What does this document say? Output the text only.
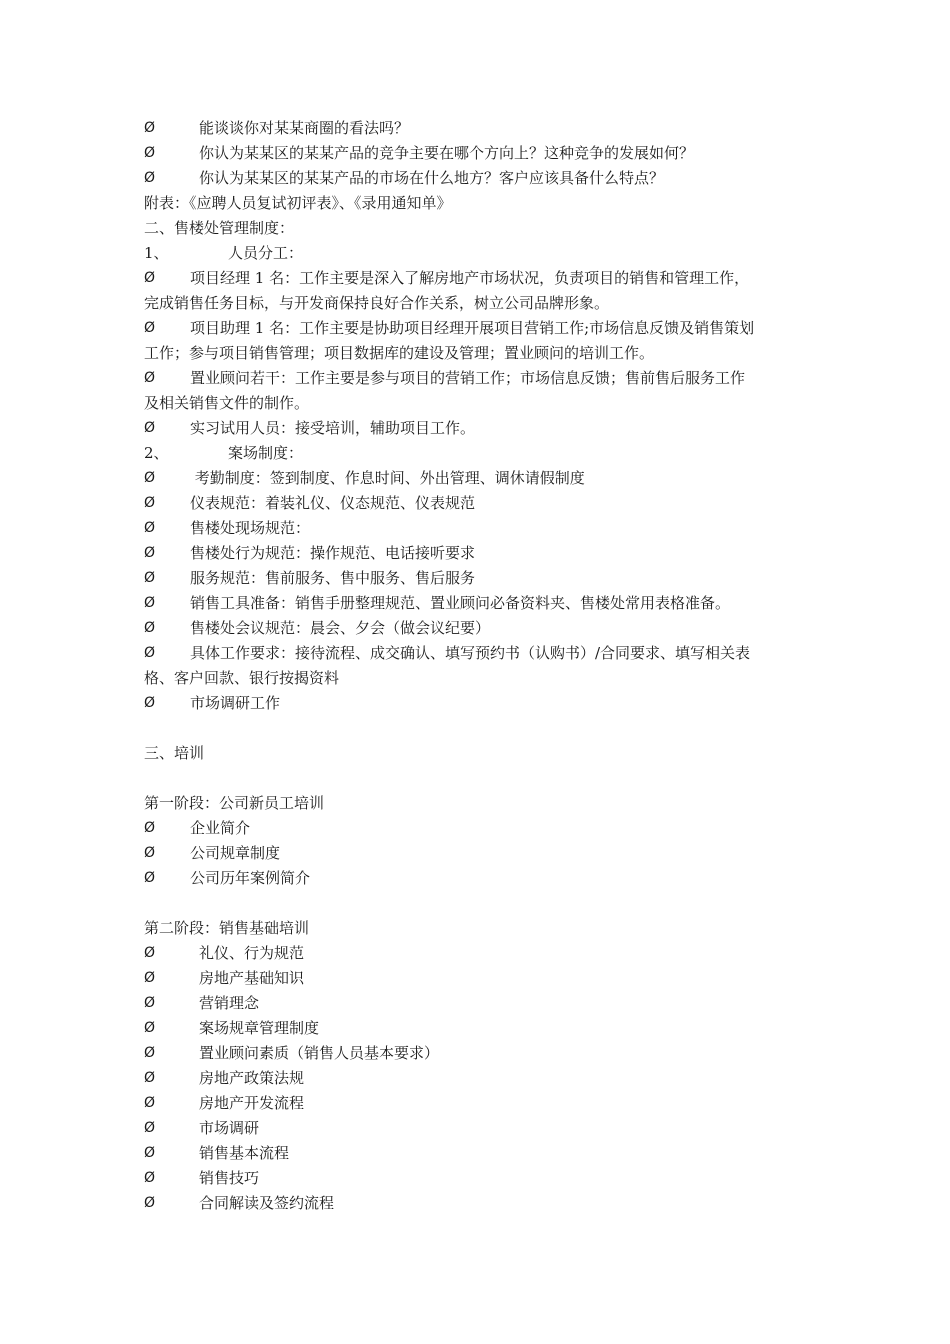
Ø	能谈谈你对某某商圈的看法吗？
Ø	你认为某某区的某某产品的竞争主要在哪个方向上？这种竞争的发展如何？
Ø	你认为某某区的某某产品的市场在什么地方？客户应该具备什么特点？
附表：《应聘人员复试初评表》、《录用通知单》
二、售楼处管理制度：
1、	人员分工：
Ø	项目经理 1 名：工作主要是深入了解房地产市场状况，负责项目的销售和管理工作，
完成销售任务目标，与开发商保持良好合作关系，树立公司品牌形象。
Ø	项目助理 1 名：工作主要是协助项目经理开展项目营销工作;市场信息反馈及销售策划
工作；参与项目销售管理；项目数据库的建设及管理；置业顾问的培训工作。
Ø	置业顾问若干：工作主要是参与项目的营销工作；市场信息反馈；售前售后服务工作
及相关销售文件的制作。
Ø	实习试用人员：接受培训，辅助项目工作。
2、	案场制度：
Ø	考勤制度：签到制度、作息时间、外出管理、调休请假制度
Ø	仪表规范：着装礼仪、仪态规范、仪表规范
Ø	售楼处现场规范：
Ø	售楼处行为规范：操作规范、电话接听要求
Ø	服务规范：售前服务、售中服务、售后服务
Ø	销售工具准备：销售手册整理规范、置业顾问必备资料夹、售楼处常用表格准备。
Ø	售楼处会议规范：晨会、夕会（做会议纪要）
Ø	具体工作要求：接待流程、成交确认、填写预约书（认购书）/合同要求、填写相关表
格、客户回款、银行按揭资料
Ø	市场调研工作
三、培训
第一阶段：公司新员工培训
Ø	企业简介
Ø	公司规章制度
Ø	公司历年案例简介
第二阶段：销售基础培训
Ø	礼仪、行为规范
Ø	房地产基础知识
Ø	营销理念
Ø	案场规章管理制度
Ø	置业顾问素质（销售人员基本要求）
Ø	房地产政策法规
Ø	房地产开发流程
Ø	市场调研
Ø	销售基本流程
Ø	销售技巧
Ø	合同解读及签约流程
